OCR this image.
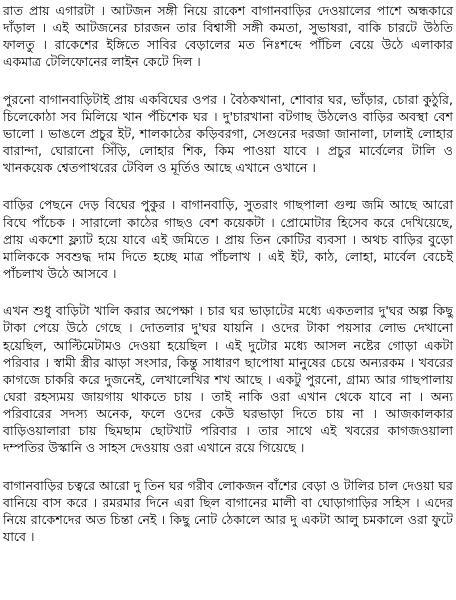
রাত প্রায় এগারটা । আটজন সঙ্গী নিয়ে রাকেশ বাগানবাড়ির দেওয়ালের পাশে অন্ধকারে দাঁড়াল । এই আটজনের চারজন তার বিশ্বাসী সঙ্গী কমতা, সুভাষরা, বাকি চারটে উঠতি ফালতু । রাকেশের ইঙ্গিতে সাবির বেড়ালের মত নিঃশব্দে পাঁচিল বেয়ে উঠে এলাকার একমাত্র টেলিফোনের লাইন কেটে দিল ।

পুরনো বাগানবাড়িটাই প্রায় একবিঘের ওপর । বৈঠকখানা, শোবার ঘর, ভাঁড়ার, চোরা কুঠুরি, চিলেকোঠা সব মিলিয়ে খান পঁচিশেক ঘর । দু'চারখানা বটগাছ উঠলেও বাড়ির অবস্থা বেশ ভালো । ভাঙলে প্রচুর ইট, শালকাঠের কড়িবরগা, সেগুনের দরজা জানালা, ঢালাই লোহার বারান্দা, ঘোরানো সিঁড়ি, লোহার শিক, কিম পাওয়া যাবে । প্রচুর মার্বেলের টালি ও খানকয়েক শ্বেতপাথরের টেবিল ও মূর্তিও আছে এখানে ওখানে ।

বাড়ির পেছনে দেড় বিঘের পুকুর । বাগানবাড়ি, সুতরাং গাছপালা গুল্ম জমি আছে আরো বিঘে পাঁচেক । সারালো কাঠের গাছও বেশ কয়েকটা । প্রোমোটার হিসেব করে দেখিয়েছে, প্রায় একশো ফ্ল্যাট হয়ে যাবে এই জমিতে । প্রায় তিন কোটির ব্যবসা । অথচ বাড়ির বুড়ো মালিককে সবশুদ্ধ দাম দিতে হচ্ছে মাত্র পাঁচলাখ । এই ইট, কাঠ, লোহা, মার্বেল বেচেই পাঁচলাখ উঠে আসবে ।

এখন শুধু বাড়িটা খালি করার অপেক্ষা । চার ঘর ভাড়াটের মধ্যে একতলার দু'ঘর অল্প কিছু টাকা পেয়ে উঠে গেছে । দোতলার দু'ঘর যায়নি । ওদের টাকা পয়সার লোভ দেখানো হয়েছিল, আল্টিমেটামও দেওয়া হয়েছিল । এই দুটোর মধ্যে আসল নষ্টের গোড়া একটা পরিবার । স্বামী স্ত্রীর ঝাড়া সংসার, কিন্তু সাধারণ ছাপোষা মানুষের চেয়ে অন্যরকম । খবরের কাগজে চাকরি করে দুজনেই, লেখালেখির শখ আছে । একটু পুরনো, গ্রাম্য আর গাছপালায় ঘেরা রহস্যময় জায়গায় থাকতে চায় । তাই নাকি ওরা এখান থেকে যাবে না । অন্য পরিবারের সদস্য অনেক, ফলে ওদের কেউ ঘরভাড়া দিতে চায় না । আজকালকার বাড়িওয়ালারা চায় ছিমছাম ছোটখাট পরিবার । তার সাথে এই খবরের কাগজওয়ালা দম্পতির উস্কানি ও সাহস দেওয়ায় ওরা এখানে রয়ে গিয়েছে ।

বাগানবাড়ির চত্বরে আরো দু তিন ঘর গরীব লোকজন বাঁশের বেড়া ও টালির চাল দেওয়া ঘর বানিয়ে বাস করে । রমরমার দিনে এরা ছিল বাগানের মালী বা ঘোড়াগাড়ির সহিস । এদের নিয়ে রাকেশদের অত চিন্তা নেই । কিছু নোট ঠেকালে আর দু একটা আলু চমকালে ওরা ফুটে যাবে ।
